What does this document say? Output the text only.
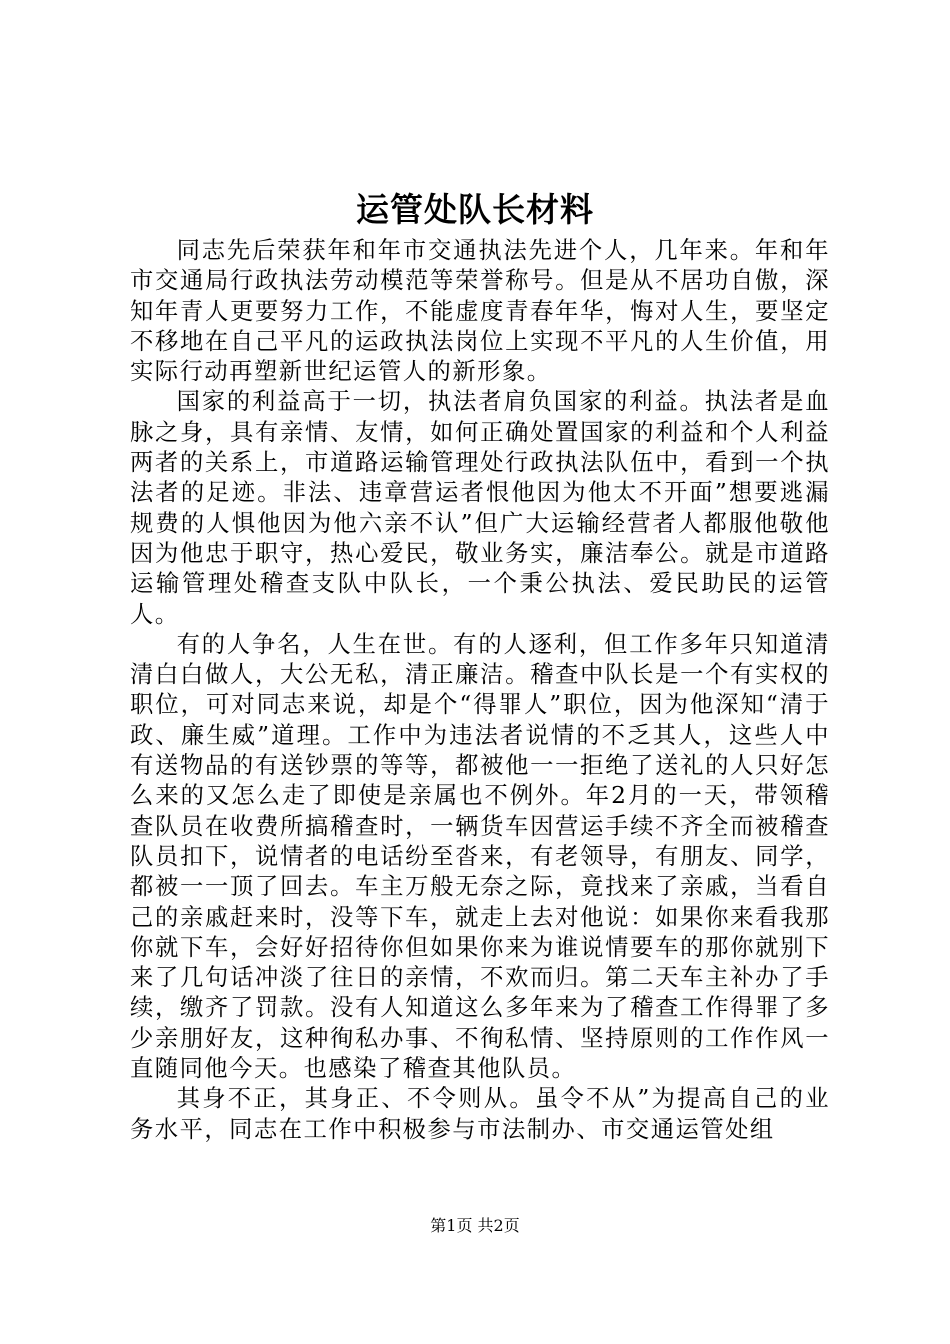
运管处队长材料

同志先后荣获年和年市交通执法先进个人，几年来。年和年市交通局行政执法劳动模范等荣誉称号。但是从不居功自傲，深知年青人更要努力工作，不能虚度青春年华，悔对人生，要坚定不移地在自己平凡的运政执法岗位上实现不平凡的人生价值，用实际行动再塑新世纪运管人的新形象。

国家的利益高于一切，执法者肩负国家的利益。执法者是血脉之身，具有亲情、友情，如何正确处置国家的利益和个人利益两者的关系上，市道路运输管理处行政执法队伍中，看到一个执法者的足迹。非法、违章营运者恨他因为他太不开面”想要逃漏规费的人惧他因为他六亲不认”但广大运输经营者人都服他敬他因为他忠于职守，热心爱民，敬业务实，廉洁奉公。就是市道路运输管理处稽查支队中队长，一个秉公执法、爱民助民的运管人。

有的人争名，人生在世。有的人逐利，但工作多年只知道清清白白做人，大公无私，清正廉洁。稽查中队长是一个有实权的职位，可对同志来说，却是个“得罪人”职位，因为他深知“清于政、廉生威”道理。工作中为违法者说情的不乏其人，这些人中有送物品的有送钞票的等等，都被他一一拒绝了送礼的人只好怎么来的又怎么走了即使是亲属也不例外。年2月的一天，带领稽查队员在收费所搞稽查时，一辆货车因营运手续不齐全而被稽查队员扣下，说情者的电话纷至沓来，有老领导，有朋友、同学，都被一一顶了回去。车主万般无奈之际，竟找来了亲戚，当看自己的亲戚赶来时，没等下车，就走上去对他说：如果你来看我那你就下车，会好好招待你但如果你来为谁说情要车的那你就别下来了几句话冲淡了往日的亲情，不欢而归。第二天车主补办了手续，缴齐了罚款。没有人知道这么多年来为了稽查工作得罪了多少亲朋好友，这种徇私办事、不徇私情、坚持原则的工作作风一直随同他今天。也感染了稽查其他队员。

其身不正，其身正、不令则从。虽令不从”为提高自己的业务水平，同志在工作中积极参与市法制办、市交通运管处组

第1页 共2页
